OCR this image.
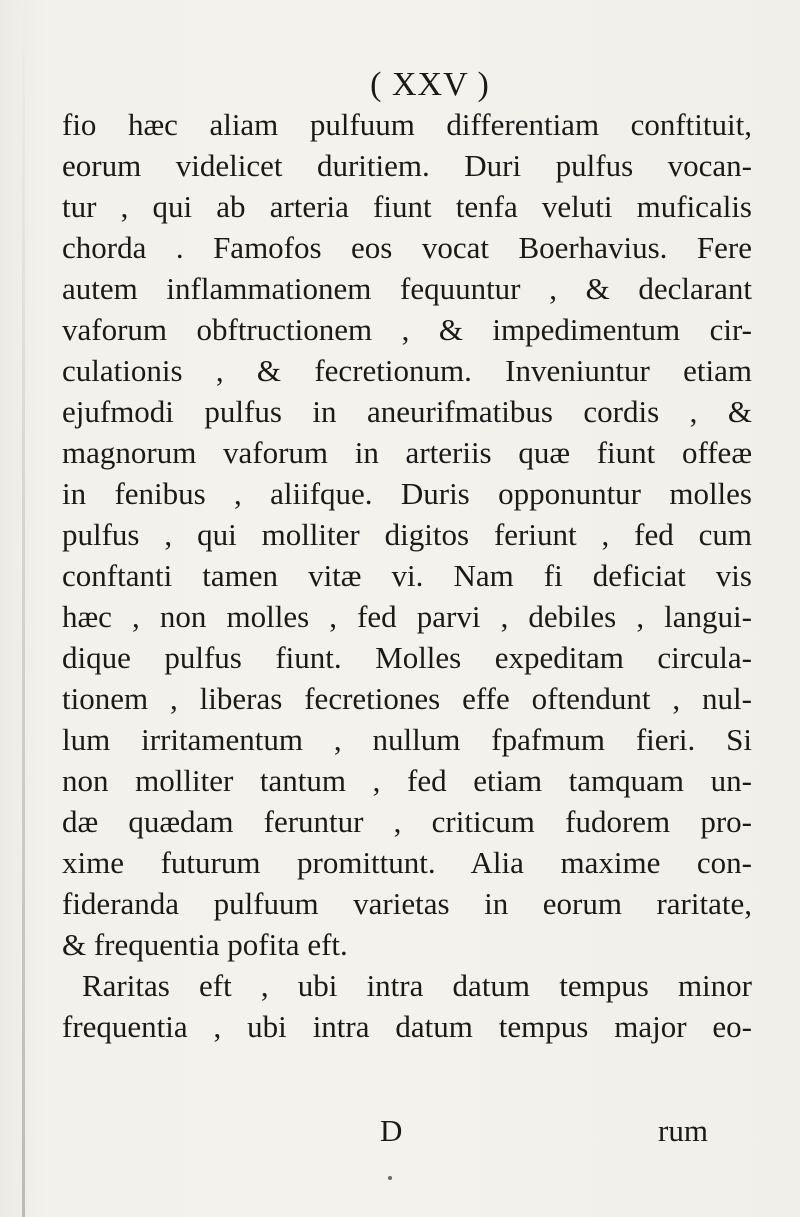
( XXV )
fio hæc aliam pulfuum differentiam conftituit,
eorum videlicet duritiem. Duri pulfus vocan-
tur , qui ab arteria fiunt tenfa veluti muficalis
chorda . Famofos eos vocat Boerhavius. Fere
autem inflammationem fequuntur , & declarant
vaforum obftructionem , & impedimentum cir-
culationis , & fecretionum. Inveniuntur etiam
ejufmodi pulfus in aneurifmatibus cordis , &
magnorum vaforum in arteriis quæ fiunt offeæ
in fenibus , aliifque. Duris opponuntur molles
pulfus , qui molliter digitos feriunt , fed cum
conftanti tamen vitæ vi. Nam fi deficiat vis
hæc , non molles , fed parvi , debiles , langui-
dique pulfus fiunt. Molles expeditam circula-
tionem , liberas fecretiones effe oftendunt , nul-
lum irritamentum , nullum fpafmum fieri. Si
non molliter tantum , fed etiam tamquam un-
dæ quædam feruntur , criticum fudorem pro-
xime futurum promittunt. Alia maxime con-
fideranda pulfuum varietas in eorum raritate,
& frequentia pofita eft.
Raritas eft , ubi intra datum tempus minor
frequentia , ubi intra datum tempus major eo-
D	rum
